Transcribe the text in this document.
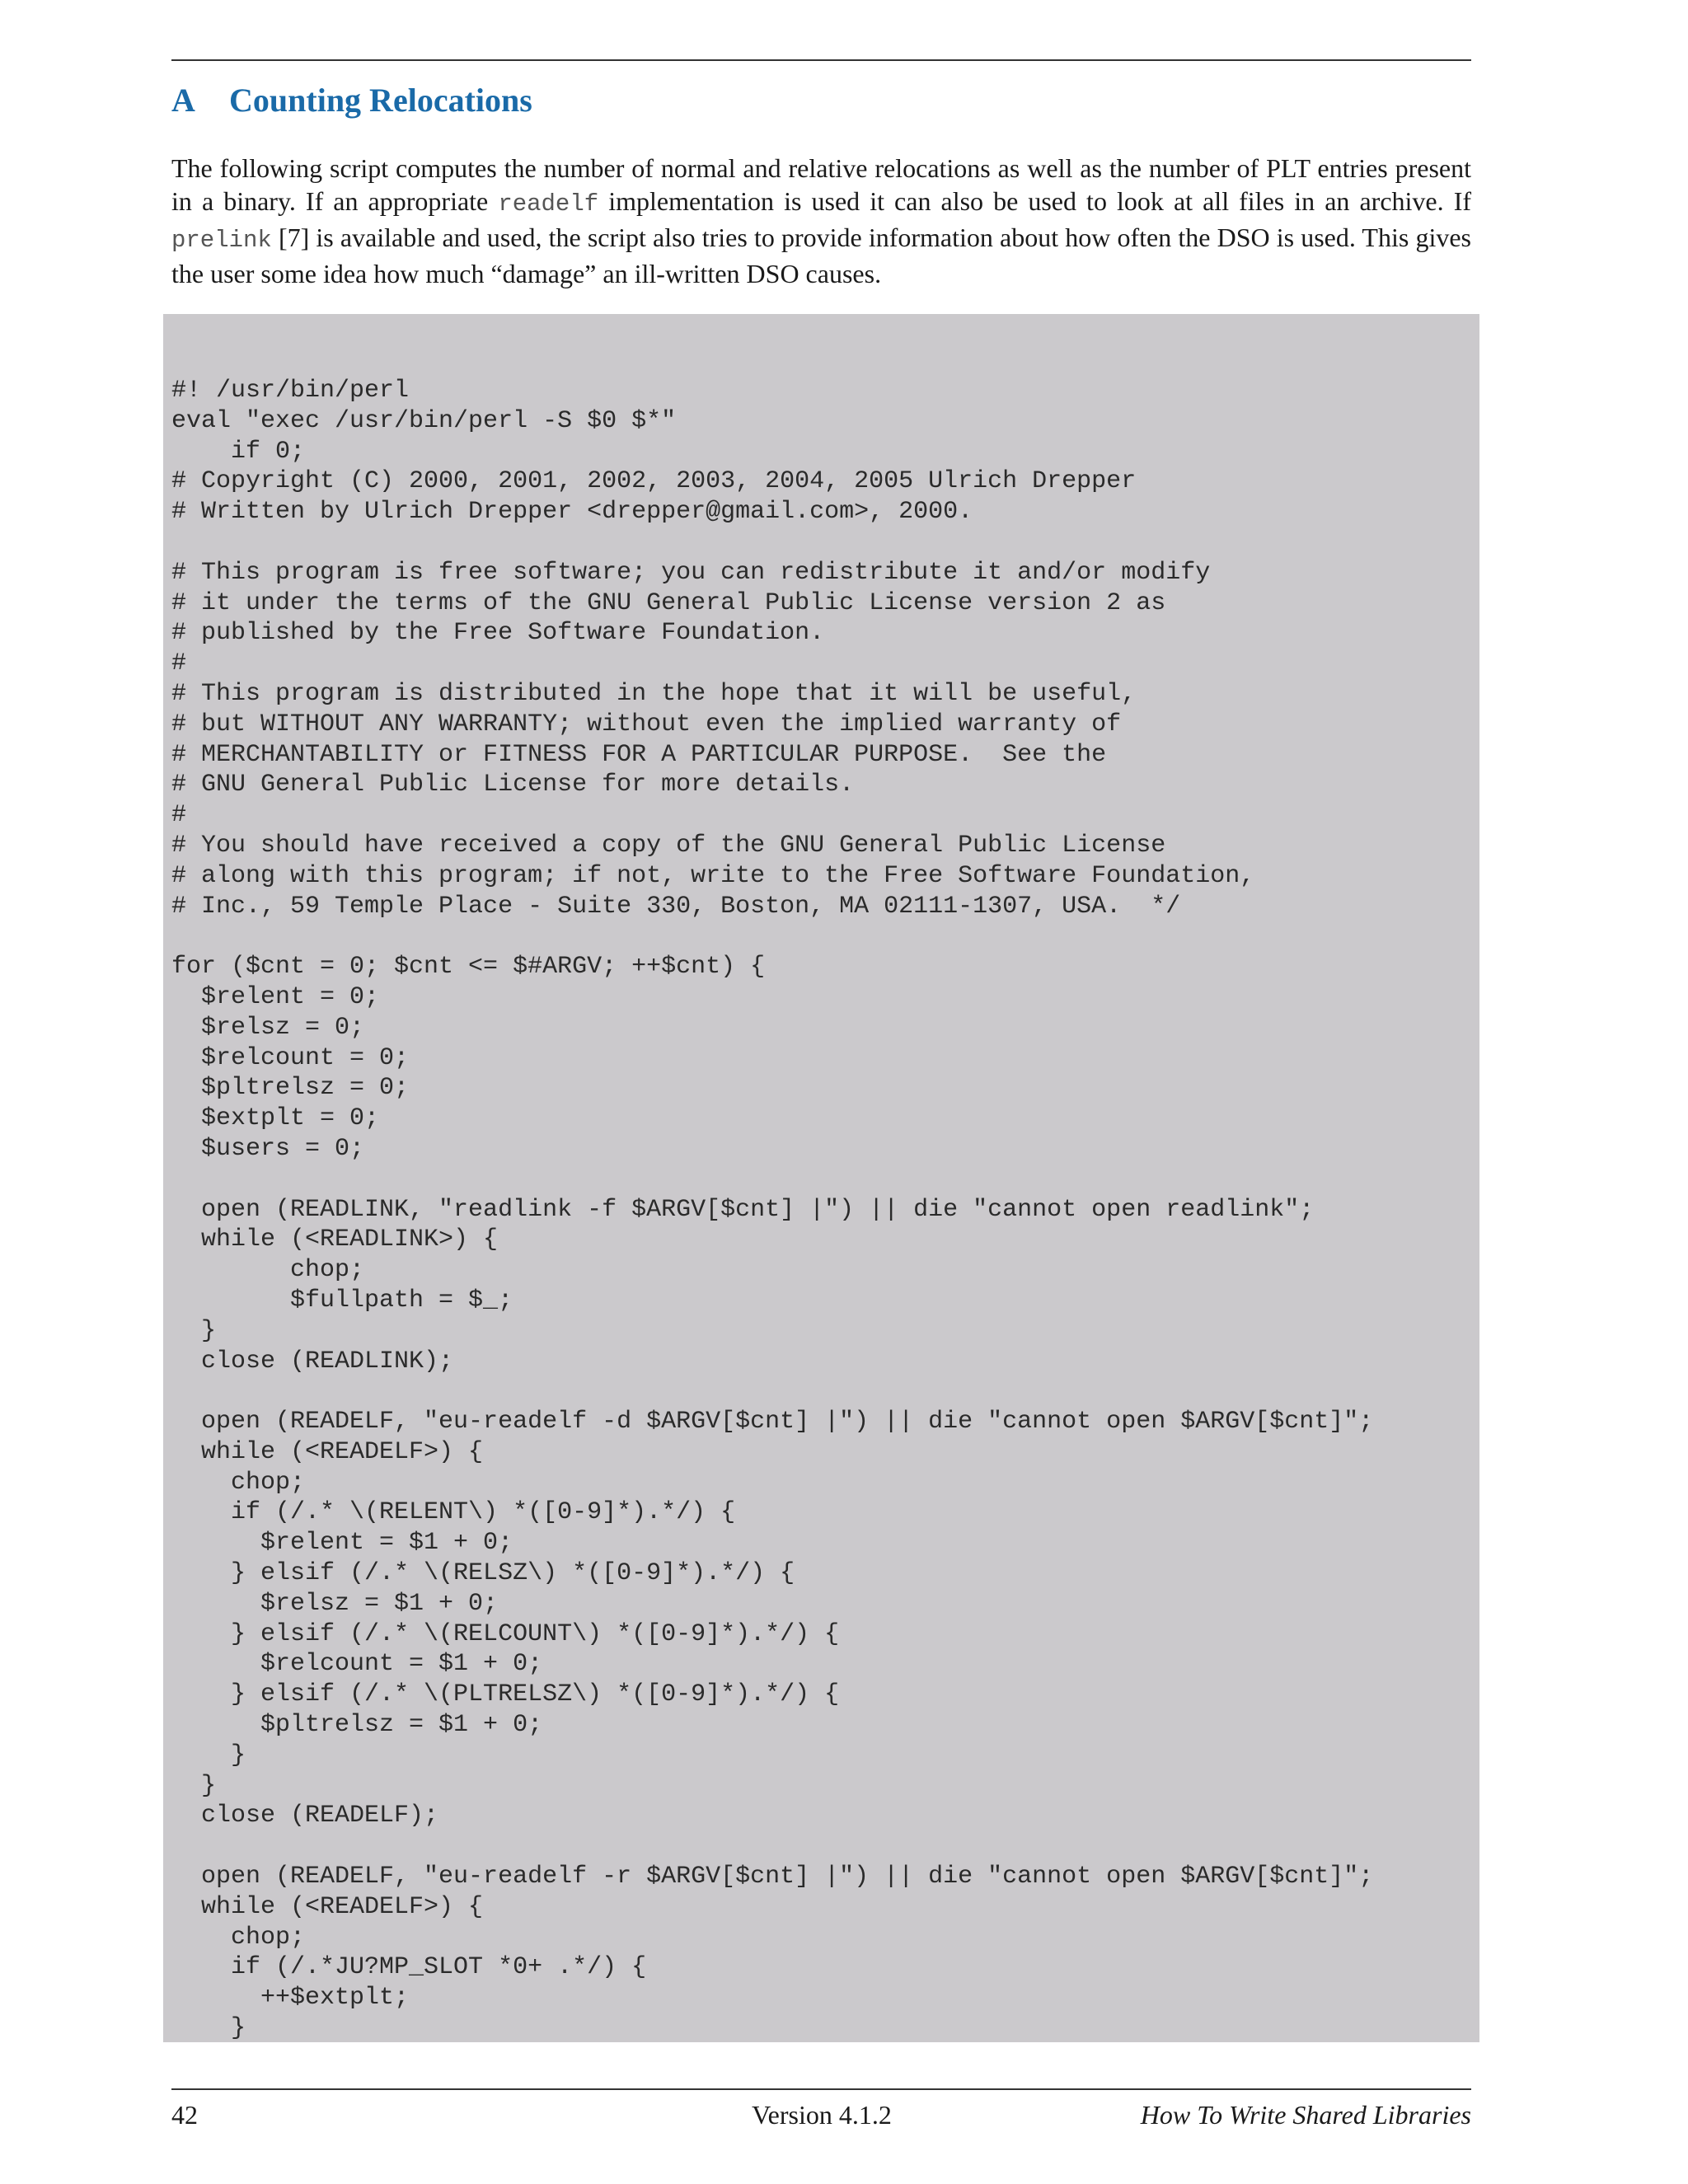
A Counting Relocations

The following script computes the number of normal and relative relocations as well as the number of PLT entries present in a binary. If an appropriate readelf implementation is used it can also be used to look at all files in an archive. If prelink [7] is available and used, the script also tries to provide information about how often the DSO is used. This gives the user some idea how much “damage” an ill-written DSO causes.

#! /usr/bin/perl
eval "exec /usr/bin/perl -S $0 $*"
if 0;
# Copyright (C) 2000, 2001, 2002, 2003, 2004, 2005 Ulrich Drepper
# Written by Ulrich Drepper <drepper@gmail.com>, 2000.

# This program is free software; you can redistribute it and/or modify
# it under the terms of the GNU General Public License version 2 as
# published by the Free Software Foundation.
#
# This program is distributed in the hope that it will be useful,
# but WITHOUT ANY WARRANTY; without even the implied warranty of
# MERCHANTABILITY or FITNESS FOR A PARTICULAR PURPOSE.  See the
# GNU General Public License for more details.
#
# You should have received a copy of the GNU General Public License
# along with this program; if not, write to the Free Software Foundation,
# Inc., 59 Temple Place - Suite 330, Boston, MA 02111-1307, USA.  */

for ($cnt = 0; $cnt <= $#ARGV; ++$cnt) {
$relent = 0;
$relsz = 0;
$relcount = 0;
$pltrelsz = 0;
$extplt = 0;
$users = 0;

open (READLINK, "readlink -f $ARGV[$cnt] |") || die "cannot open readlink";
while (<READLINK>) {
chop;
$fullpath = $_;
}
close (READLINK);

open (READELF, "eu-readelf -d $ARGV[$cnt] |") || die "cannot open $ARGV[$cnt]";
while (<READELF>) {
chop;
if (/.* \(RELENT\) *([0-9]*).*/) {
$relent = $1 + 0;
} elsif (/.* \(RELSZ\) *([0-9]*).*/) {
$relsz = $1 + 0;
} elsif (/.* \(RELCOUNT\) *([0-9]*).*/) {
$relcount = $1 + 0;
} elsif (/.* \(PLTRELSZ\) *([0-9]*).*/) {
$pltrelsz = $1 + 0;
}
}
close (READELF);

open (READELF, "eu-readelf -r $ARGV[$cnt] |") || die "cannot open $ARGV[$cnt]";
while (<READELF>) {
chop;
if (/.*JU?MP_SLOT *0+ .*/) {
++$extplt;
}
42	Version 4.1.2	How To Write Shared Libraries
